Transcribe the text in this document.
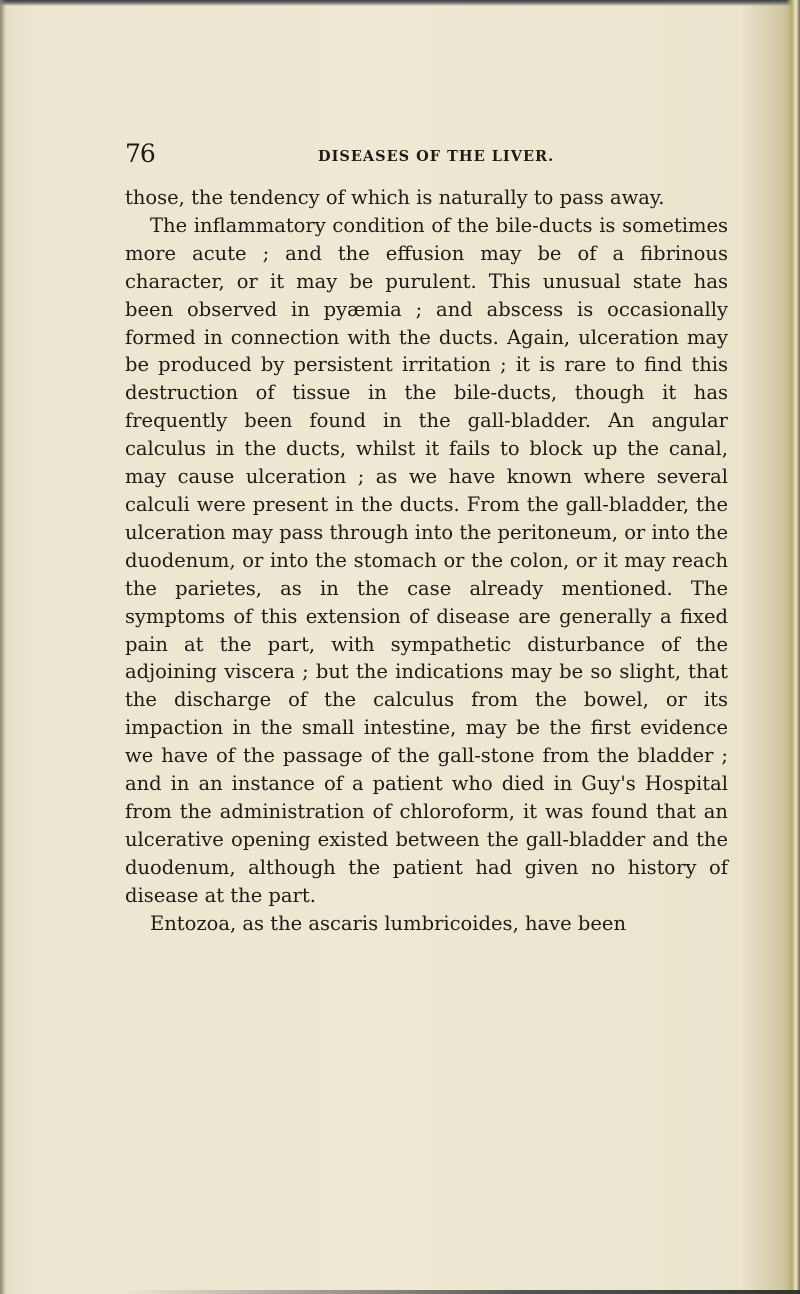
76	DISEASES OF THE LIVER.

those, the tendency of which is naturally to pass away.

The inflammatory condition of the bile-ducts is sometimes more acute ; and the effusion may be of a fibrinous character, or it may be purulent. This unusual state has been observed in pyæmia ; and abscess is occasionally formed in connection with the ducts. Again, ulceration may be produced by persistent irritation ; it is rare to find this destruction of tissue in the bile-ducts, though it has frequently been found in the gall-bladder. An angular calculus in the ducts, whilst it fails to block up the canal, may cause ulceration ; as we have known where several calculi were present in the ducts. From the gall-bladder, the ulceration may pass through into the peritoneum, or into the duodenum, or into the stomach or the colon, or it may reach the parietes, as in the case already mentioned. The symptoms of this extension of disease are generally a fixed pain at the part, with sympathetic disturbance of the adjoining viscera ; but the indications may be so slight, that the discharge of the calculus from the bowel, or its impaction in the small intestine, may be the first evidence we have of the passage of the gall-stone from the bladder ; and in an instance of a patient who died in Guy's Hospital from the administration of chloroform, it was found that an ulcerative opening existed between the gall-bladder and the duodenum, although the patient had given no history of disease at the part.

Entozoa, as the ascaris lumbricoides, have been
